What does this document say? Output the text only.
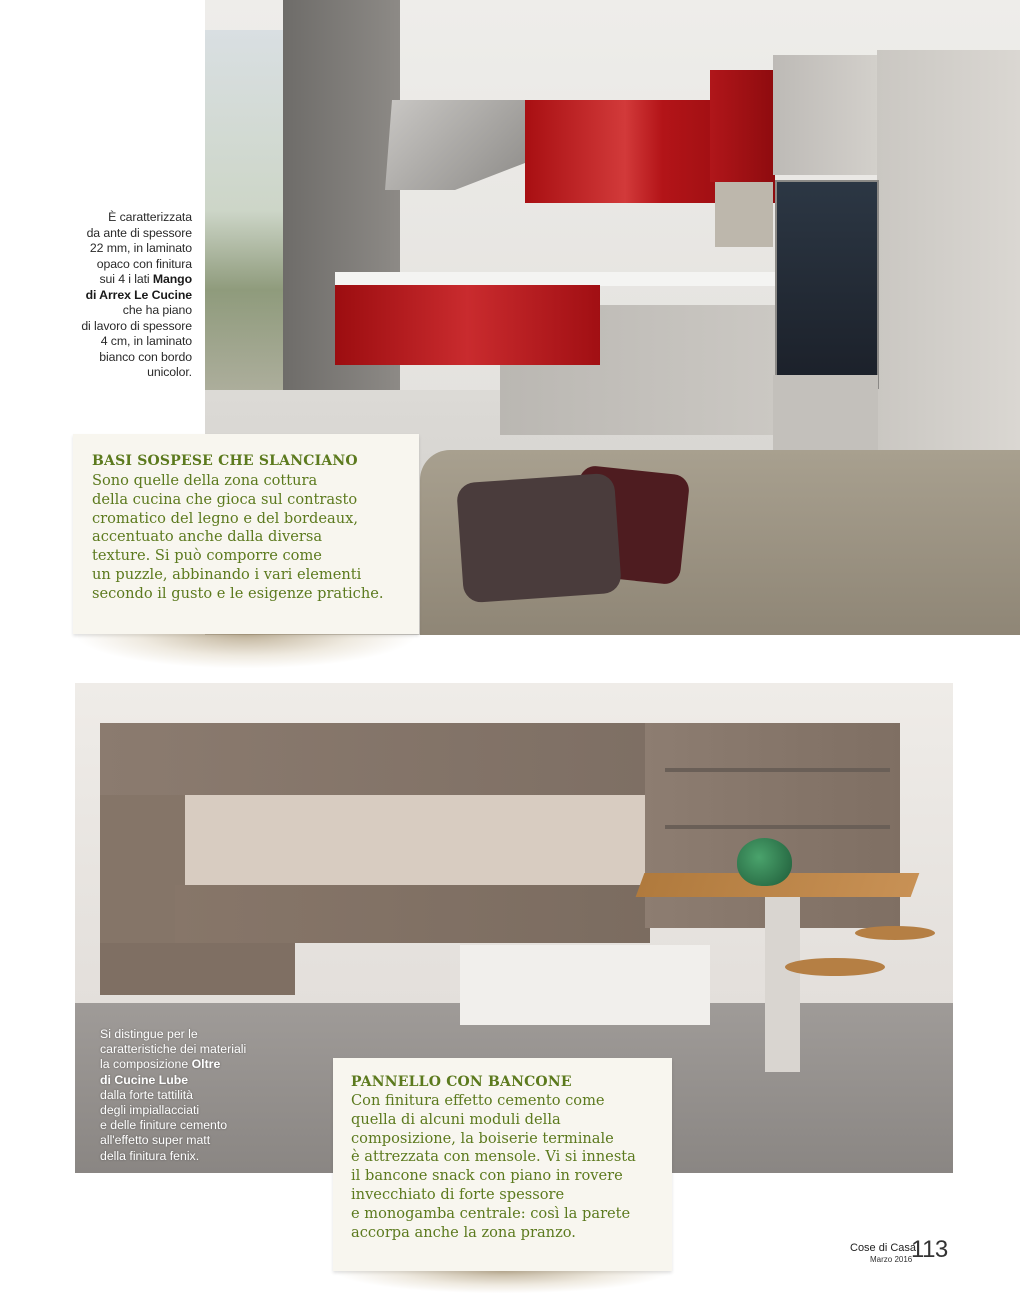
È caratterizzata
da ante di spessore
22 mm, in laminato
opaco con finitura
sui 4 i lati Mango
di Arrex Le Cucine
che ha piano
di lavoro di spessore
4 cm, in laminato
bianco con bordo
unicolor.
BASI SOSPESE CHE SLANCIANO
Sono quelle della zona cottura
della cucina che gioca sul contrasto
cromatico del legno e del bordeaux,
accentuato anche dalla diversa
texture. Si può comporre come
un puzzle, abbinando i vari elementi
secondo il gusto e le esigenze pratiche.
Si distingue per le
caratteristiche dei materiali
la composizione Oltre
di Cucine Lube
dalla forte tattilità
degli impiallacciati
e delle finiture cemento
all'effetto super matt
della finitura fenix.
PANNELLO CON BANCONE
Con finitura effetto cemento come
quella di alcuni moduli della
composizione, la boiserie terminale
è attrezzata con mensole. Vi si innesta
il bancone snack con piano in rovere
invecchiato di forte spessore
e monogamba centrale: così la parete
accorpa anche la zona pranzo.
Cose di Casa
Marzo 2016
113
